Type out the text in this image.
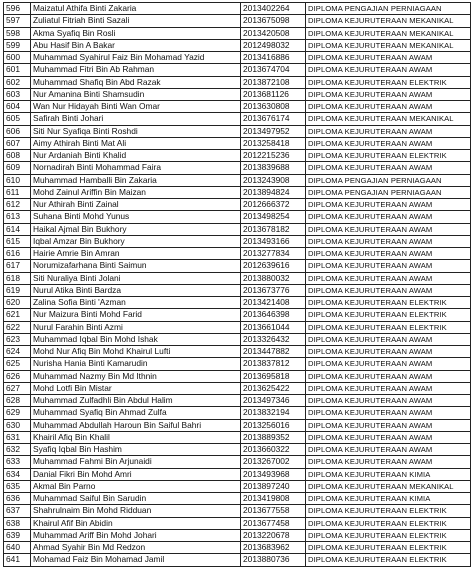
596	Maizatul Athifa Binti Zakaria	2013402264	DIPLOMA PENGAJIAN PERNIAGAAN
597	Zuliatul Fitriah Binti Sazali	2013675098	DIPLOMA KEJURUTERAAN MEKANIKAL
598	Akma Syafiq Bin Rosli	2013420508	DIPLOMA KEJURUTERAAN MEKANIKAL
599	Abu Hasif Bin A Bakar	2012498032	DIPLOMA KEJURUTERAAN MEKANIKAL
600	Muhammad Syahirul Faiz Bin Mohamad Yazid	2013416886	DIPLOMA KEJURUTERAAN AWAM
601	Muhammad Fitri Bin Ab Rahman	2013674704	DIPLOMA KEJURUTERAAN AWAM
602	Muhammad Shafiq Bin Abd Razak	2013872108	DIPLOMA KEJURUTERAAN ELEKTRIK
603	Nur Amanina Binti Shamsudin	2013681126	DIPLOMA KEJURUTERAAN AWAM
604	Wan Nur Hidayah Binti Wan Omar	2013630808	DIPLOMA KEJURUTERAAN AWAM
605	Safirah Binti Johari	2013676174	DIPLOMA KEJURUTERAAN MEKANIKAL
606	Siti Nur Syafiqa Binti Roshdi	2013497952	DIPLOMA KEJURUTERAAN AWAM
607	Aimy Athirah Binti Mat Ali	2013258418	DIPLOMA KEJURUTERAAN AWAM
608	Nur Ardaniah Binti Khalid	2012215236	DIPLOMA KEJURUTERAAN ELEKTRIK
609	Nornadirah Binti Mohammad Faira	2013839688	DIPLOMA KEJURUTERAAN AWAM
610	Muhammad Hamballi Bin Zakaria	2013243908	DIPLOMA PENGAJIAN PERNIAGAAN
611	Mohd Zainul Ariffin Bin Maizan	2013894824	DIPLOMA PENGAJIAN PERNIAGAAN
612	Nur Athirah Binti Zainal	2012666372	DIPLOMA KEJURUTERAAN AWAM
613	Suhana Binti Mohd Yunus	2013498254	DIPLOMA KEJURUTERAAN AWAM
614	Haikal Ajmal Bin Bukhory	2013678182	DIPLOMA KEJURUTERAAN AWAM
615	Iqbal Amzar Bin Bukhory	2013493166	DIPLOMA KEJURUTERAAN AWAM
616	Hairie Amrie Bin Amran	2013277834	DIPLOMA KEJURUTERAAN AWAM
617	Norumizafarhana Binti Saimun	2012639616	DIPLOMA KEJURUTERAAN AWAM
618	Siti Nuraliya Binti Jolani	2013880032	DIPLOMA KEJURUTERAAN AWAM
619	Nurul Atika Binti Bardza	2013673776	DIPLOMA KEJURUTERAAN AWAM
620	Zalina Sofia Binti 'Azman	2013421408	DIPLOMA KEJURUTERAAN ELEKTRIK
621	Nur Maizura Binti Mohd Farid	2013646398	DIPLOMA KEJURUTERAAN ELEKTRIK
622	Nurul Farahin Binti Azmi	2013661044	DIPLOMA KEJURUTERAAN ELEKTRIK
623	Muhammad Iqbal Bin Mohd Ishak	2013326432	DIPLOMA KEJURUTERAAN AWAM
624	Mohd Nur Afiq Bin Mohd Khairul Lufti	2013447882	DIPLOMA KEJURUTERAAN AWAM
625	Nurisha Hania Binti Kamarudin	2013837812	DIPLOMA KEJURUTERAAN AWAM
626	Muhammad Nazmy Bin Md Ithnin	2013695818	DIPLOMA KEJURUTERAAN AWAM
627	Mohd Lotfi Bin Mistar	2013625422	DIPLOMA KEJURUTERAAN AWAM
628	Muhammad Zulfadhli Bin Abdul Halim	2013497346	DIPLOMA KEJURUTERAAN AWAM
629	Muhammad Syafiq Bin Ahmad Zulfa	2013832194	DIPLOMA KEJURUTERAAN AWAM
630	Muhammad Abdullah Haroun Bin Saiful Bahri	2013256016	DIPLOMA KEJURUTERAAN AWAM
631	Khairil Afiq Bin Khalil	2013889352	DIPLOMA KEJURUTERAAN AWAM
632	Syafiq Iqbal Bin Hashim	2013660322	DIPLOMA KEJURUTERAAN AWAM
633	Muhammad Fahmi Bin Arjunaidi	2013267002	DIPLOMA KEJURUTERAAN AWAM
634	Danial Fikri Bin Mohd Amri	2013493968	DIPLOMA KEJURUTERAAN KIMIA
635	Akmal Bin Parno	2013897240	DIPLOMA KEJURUTERAAN MEKANIKAL
636	Muhammad Saiful Bin Sarudin	2013419808	DIPLOMA KEJURUTERAAN KIMIA
637	Shahrulnaim Bin Mohd Ridduan	2013677558	DIPLOMA KEJURUTERAAN ELEKTRIK
638	Khairul Afif Bin Abidin	2013677458	DIPLOMA KEJURUTERAAN ELEKTRIK
639	Muhammad Ariff Bin Mohd Johari	2013220678	DIPLOMA KEJURUTERAAN ELEKTRIK
640	Ahmad Syahir Bin Md Redzon	2013683962	DIPLOMA KEJURUTERAAN ELEKTRIK
641	Mohamad Faiz Bin Mohamad Jamil	2013880736	DIPLOMA KEJURUTERAAN ELEKTRIK
